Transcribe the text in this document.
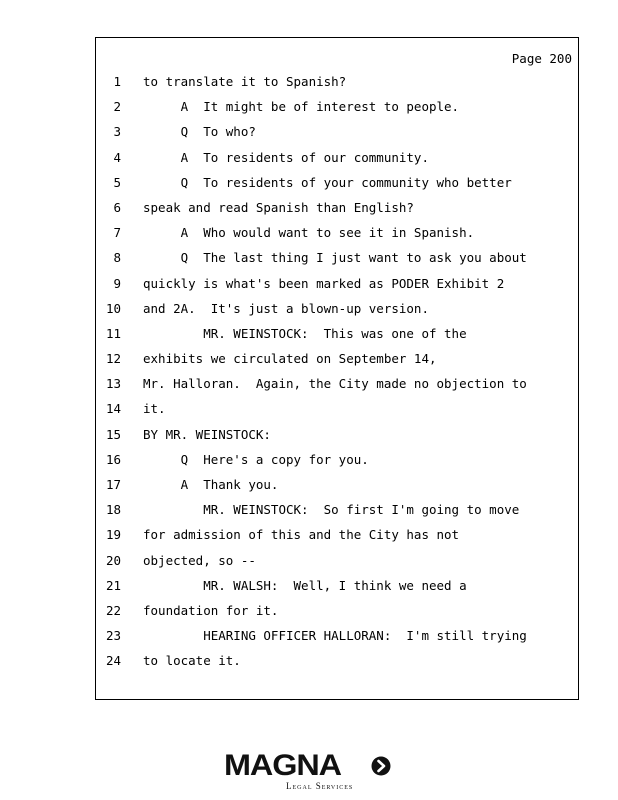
Page 200
1 to translate it to Spanish?
2 A  It might be of interest to people.
3 Q  To who?
4 A  To residents of our community.
5 Q  To residents of your community who better
6 speak and read Spanish than English?
7 A  Who would want to see it in Spanish.
8 Q  The last thing I just want to ask you about
9 quickly is what's been marked as PODER Exhibit 2
10 and 2A.  It's just a blown-up version.
11 MR. WEINSTOCK:  This was one of the
12 exhibits we circulated on September 14,
13 Mr. Halloran.  Again, the City made no objection to
14 it.
15 BY MR. WEINSTOCK:
16 Q  Here's a copy for you.
17 A  Thank you.
18 MR. WEINSTOCK:  So first I'm going to move
19 for admission of this and the City has not
20 objected, so --
21 MR. WALSH:  Well, I think we need a
22 foundation for it.
23 HEARING OFFICER HALLORAN:  I'm still trying
24 to locate it.
MAGNA
Legal Services
